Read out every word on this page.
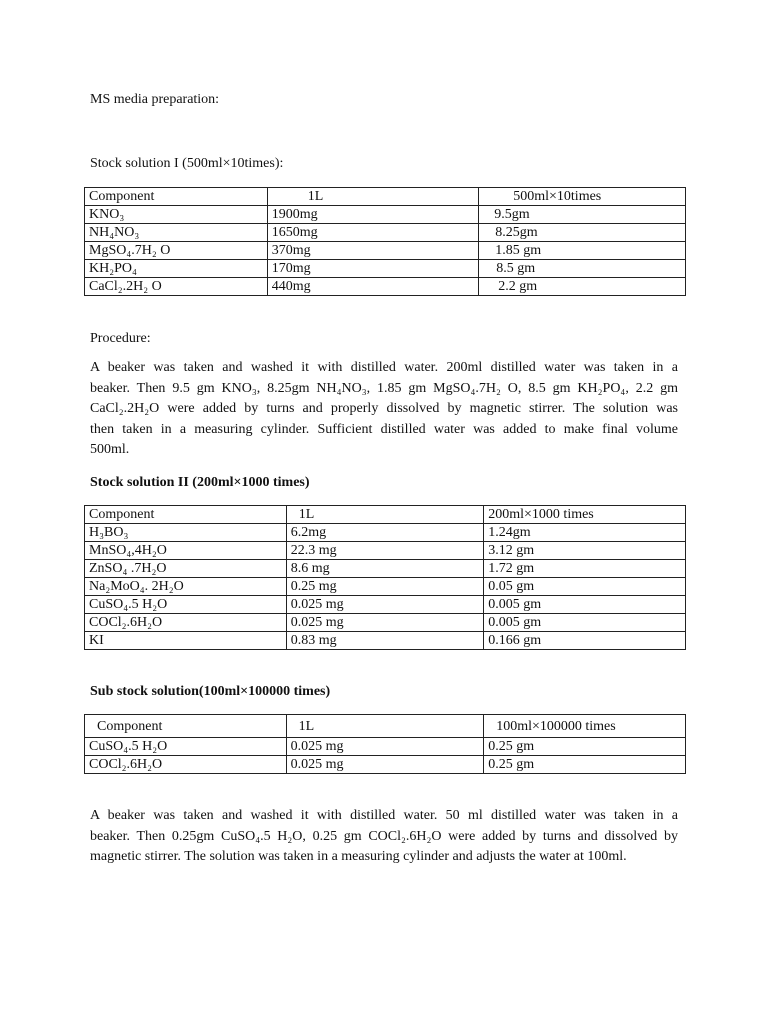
MS media preparation:
Stock solution I (500ml×10times):
Component	1L	500ml×10times
KNO₃	1900mg	9.5gm
NH₄NO₃	1650mg	8.25gm
MgSO₄.7H₂ O	370mg	1.85 gm
KH₂PO₄	170mg	8.5 gm
CaCl₂.2H₂ O	440mg	2.2 gm
Procedure:
A beaker was taken and washed it with distilled water. 200ml distilled water was taken in a
beaker. Then 9.5 gm KNO₃, 8.25gm NH₄NO₃, 1.85 gm MgSO₄.7H₂ O, 8.5 gm KH₂PO₄, 2.2 gm
CaCl₂.2H₂O were added by turns and properly dissolved by magnetic stirrer. The solution was
then taken in a measuring cylinder. Sufficient distilled water was added to make final volume
500ml.
Stock solution II (200ml×1000 times)
Component	1L	200ml×1000 times
H₃BO₃	6.2mg	1.24gm
MnSO₄,4H₂O	22.3 mg	3.12 gm
ZnSO₄ .7H₂O	8.6 mg	1.72 gm
Na₂MoO₄. 2H₂O	0.25 mg	0.05 gm
CuSO₄.5 H₂O	0.025 mg	0.005 gm
COCl₂.6H₂O	0.025 mg	0.005 gm
KI	0.83 mg	0.166 gm
Sub stock solution(100ml×100000 times)
Component	1L	100ml×100000 times
CuSO₄.5 H₂O	0.025 mg	0.25 gm
COCl₂.6H₂O	0.025 mg	0.25 gm
A beaker was taken and washed it with distilled water. 50 ml distilled water was taken in a
beaker. Then 0.25gm CuSO₄.5 H₂O, 0.25 gm COCl₂.6H₂O were added by turns and dissolved by
magnetic stirrer. The solution was taken in a measuring cylinder and adjusts the water at 100ml.
